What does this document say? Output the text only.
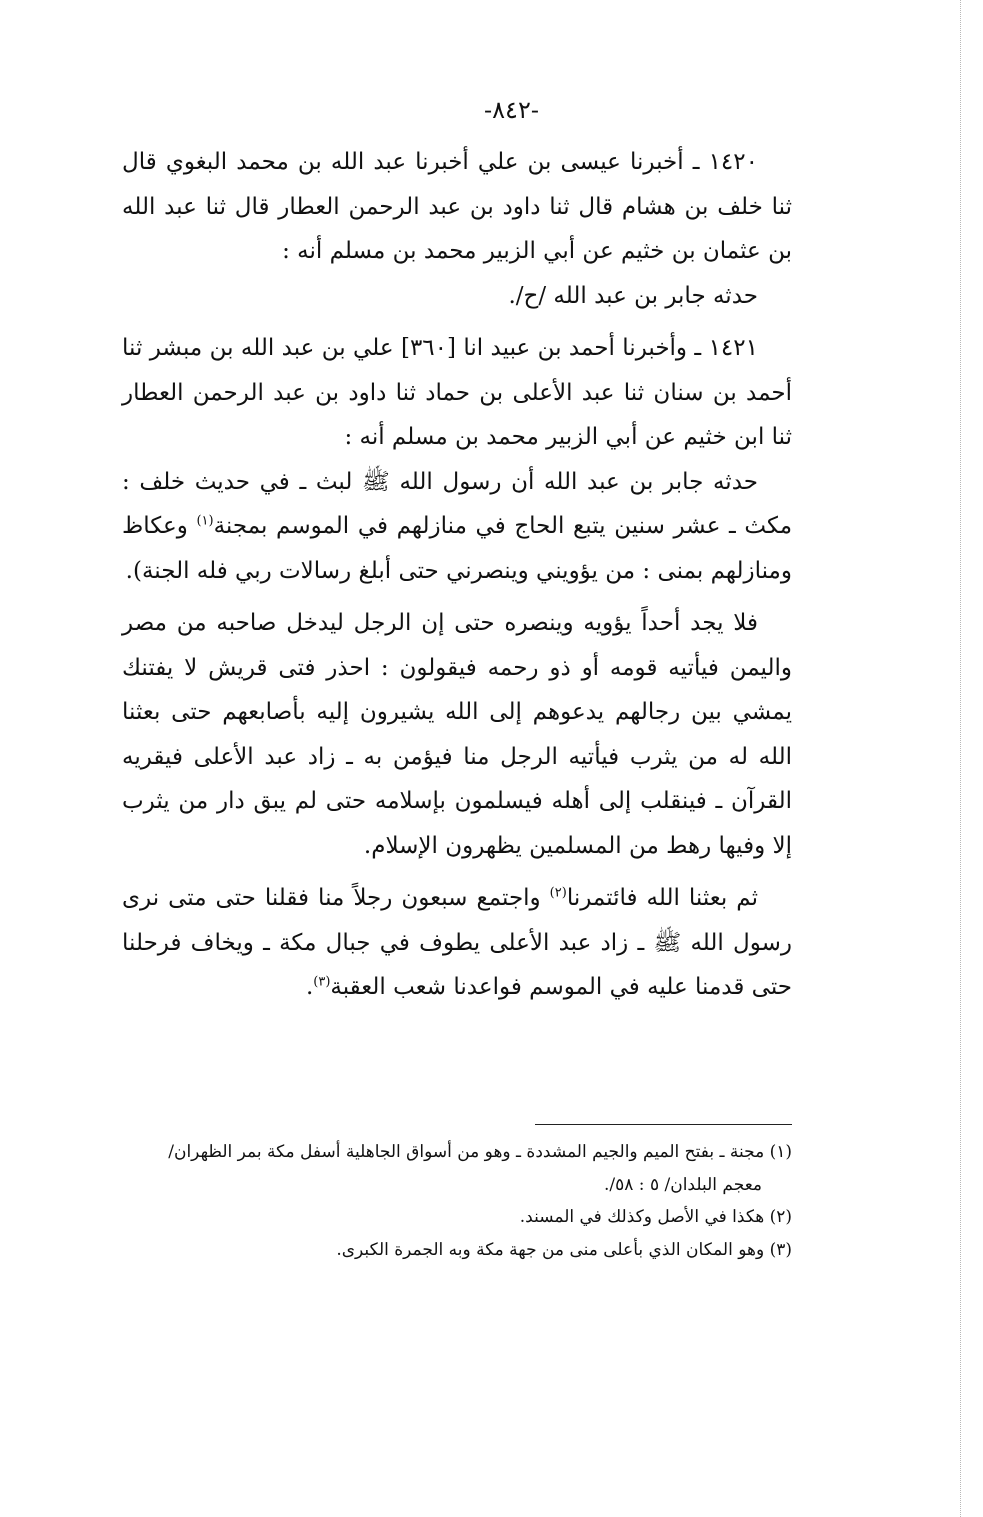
-٨٤٢-

١٤٢٠ ـ أخبرنا عيسى بن علي أخبرنا عبد الله بن محمد البغوي قال ثنا خلف بن هشام قال ثنا داود بن عبد الرحمن العطار قال ثنا عبد الله بن عثمان بن خثيم عن أبي الزبير محمد بن مسلم أنه :

حدثه جابر بن عبد الله /ح/.

١٤٢١ ـ وأخبرنا أحمد بن عبيد انا [٣٦٠] علي بن عبد الله بن مبشر ثنا أحمد بن سنان ثنا عبد الأعلى بن حماد ثنا داود بن عبد الرحمن العطار ثنا ابن خثيم عن أبي الزبير محمد بن مسلم أنه :

حدثه جابر بن عبد الله أن رسول الله ﷺ لبث ـ في حديث خلف : مكث ـ عشر سنين يتبع الحاج في منازلهم في الموسم بمجنة$^{(١)}$ وعكاظ ومنازلهم بمنى : من يؤويني وينصرني حتى أبلغ رسالات ربي فله الجنة).

فلا يجد أحداً يؤويه وينصره حتى إن الرجل ليدخل صاحبه من مصر واليمن فيأتيه قومه أو ذو رحمه فيقولون : احذر فتى قريش لا يفتنك يمشي بين رجالهم يدعوهم إلى الله يشيرون إليه بأصابعهم حتى بعثنا الله له من يثرب فيأتيه الرجل منا فيؤمن به ـ زاد عبد الأعلى فيقريه القرآن ـ فينقلب إلى أهله فيسلمون بإسلامه حتى لم يبق دار من يثرب إلا وفيها رهط من المسلمين يظهرون الإسلام.

ثم بعثنا الله فائتمرنا$^{(٢)}$ واجتمع سبعون رجلاً منا فقلنا حتى متى نرى رسول الله ﷺ ـ زاد عبد الأعلى يطوف في جبال مكة ـ ويخاف فرحلنا حتى قدمنا عليه في الموسم فواعدنا شعب العقبة$^{(٣)}$.

(١) مجنة ـ بفتح الميم والجيم المشددة ـ وهو من أسواق الجاهلية أسفل مكة بمر الظهران/

معجم البلدان/ ٥ : ٥٨/.

(٢) هكذا في الأصل وكذلك في المسند.

(٣) وهو المكان الذي بأعلى منى من جهة مكة وبه الجمرة الكبرى.
